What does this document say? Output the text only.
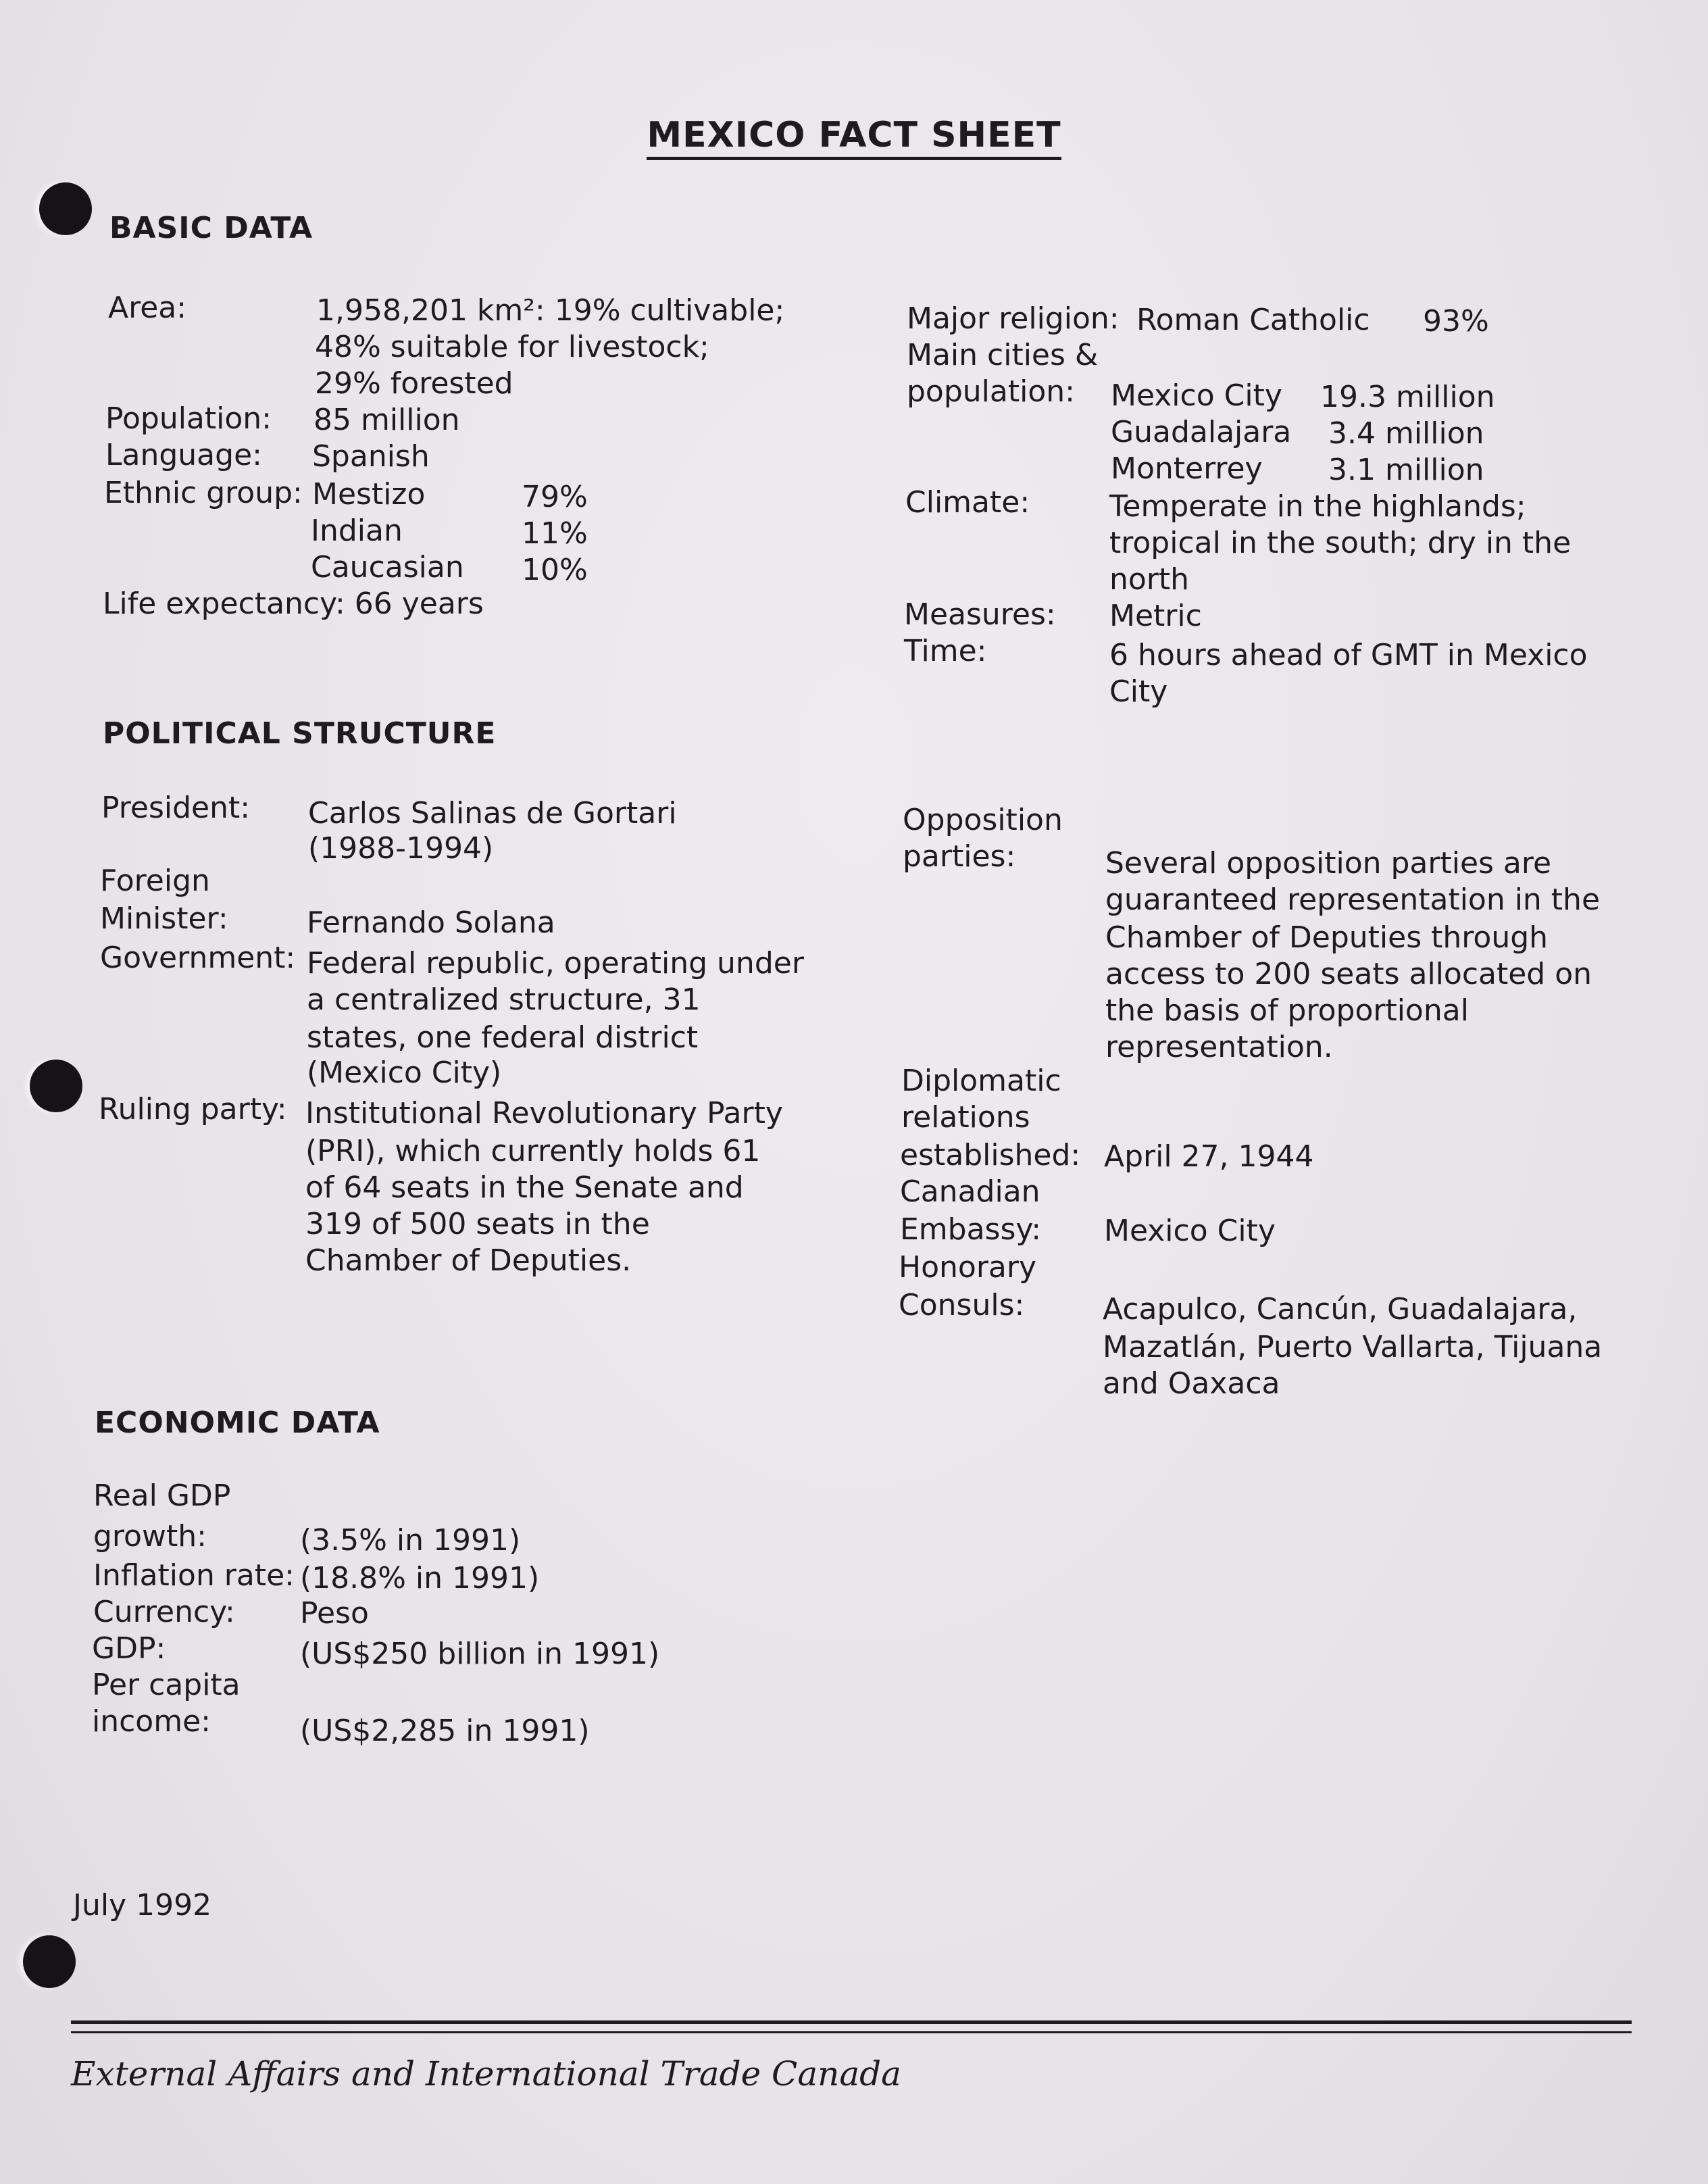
MEXICO FACT SHEET
BASIC DATA
Area:	1,958,201 km²: 19% cultivable;
48% suitable for livestock;
29% forested
Population: 85 million
Language: Spanish
Ethnic group: Mestizo	79%
Indian	11%
Caucasian 10%
Life expectancy: 66 years
Major religion: Roman Catholic 93%
Main cities &
population: Mexico City 19.3 million
Guadalajara 3.4 million
Monterrey 3.1 million
Climate:	Temperate in the highlands;
tropical in the south; dry in the
north
Measures: Metric
Time:	6 hours ahead of GMT in Mexico
City
POLITICAL STRUCTURE
President: Carlos Salinas de Gortari
(1988-1994)
Foreign
Minister:	Fernando Solana
Government: Federal republic, operating under
a centralized structure, 31
states, one federal district
(Mexico City)
Ruling party: Institutional Revolutionary Party
(PRI), which currently holds 61
of 64 seats in the Senate and
319 of 500 seats in the
Chamber of Deputies.
Opposition
parties:	Several opposition parties are
guaranteed representation in the
Chamber of Deputies through
access to 200 seats allocated on
the basis of proportional
representation.
Diplomatic
relations
established: April 27, 1944
Canadian
Embassy: Mexico City
Honorary
Consuls:	Acapulco, Cancún, Guadalajara,
Mazatlán, Puerto Vallarta, Tijuana
and Oaxaca
ECONOMIC DATA
Real GDP
growth:	(3.5% in 1991)
Inflation rate: (18.8% in 1991)
Currency: Peso
GDP:	(US$250 billion in 1991)
Per capita
income:	(US$2,285 in 1991)
July 1992
External Affairs and International Trade Canada
